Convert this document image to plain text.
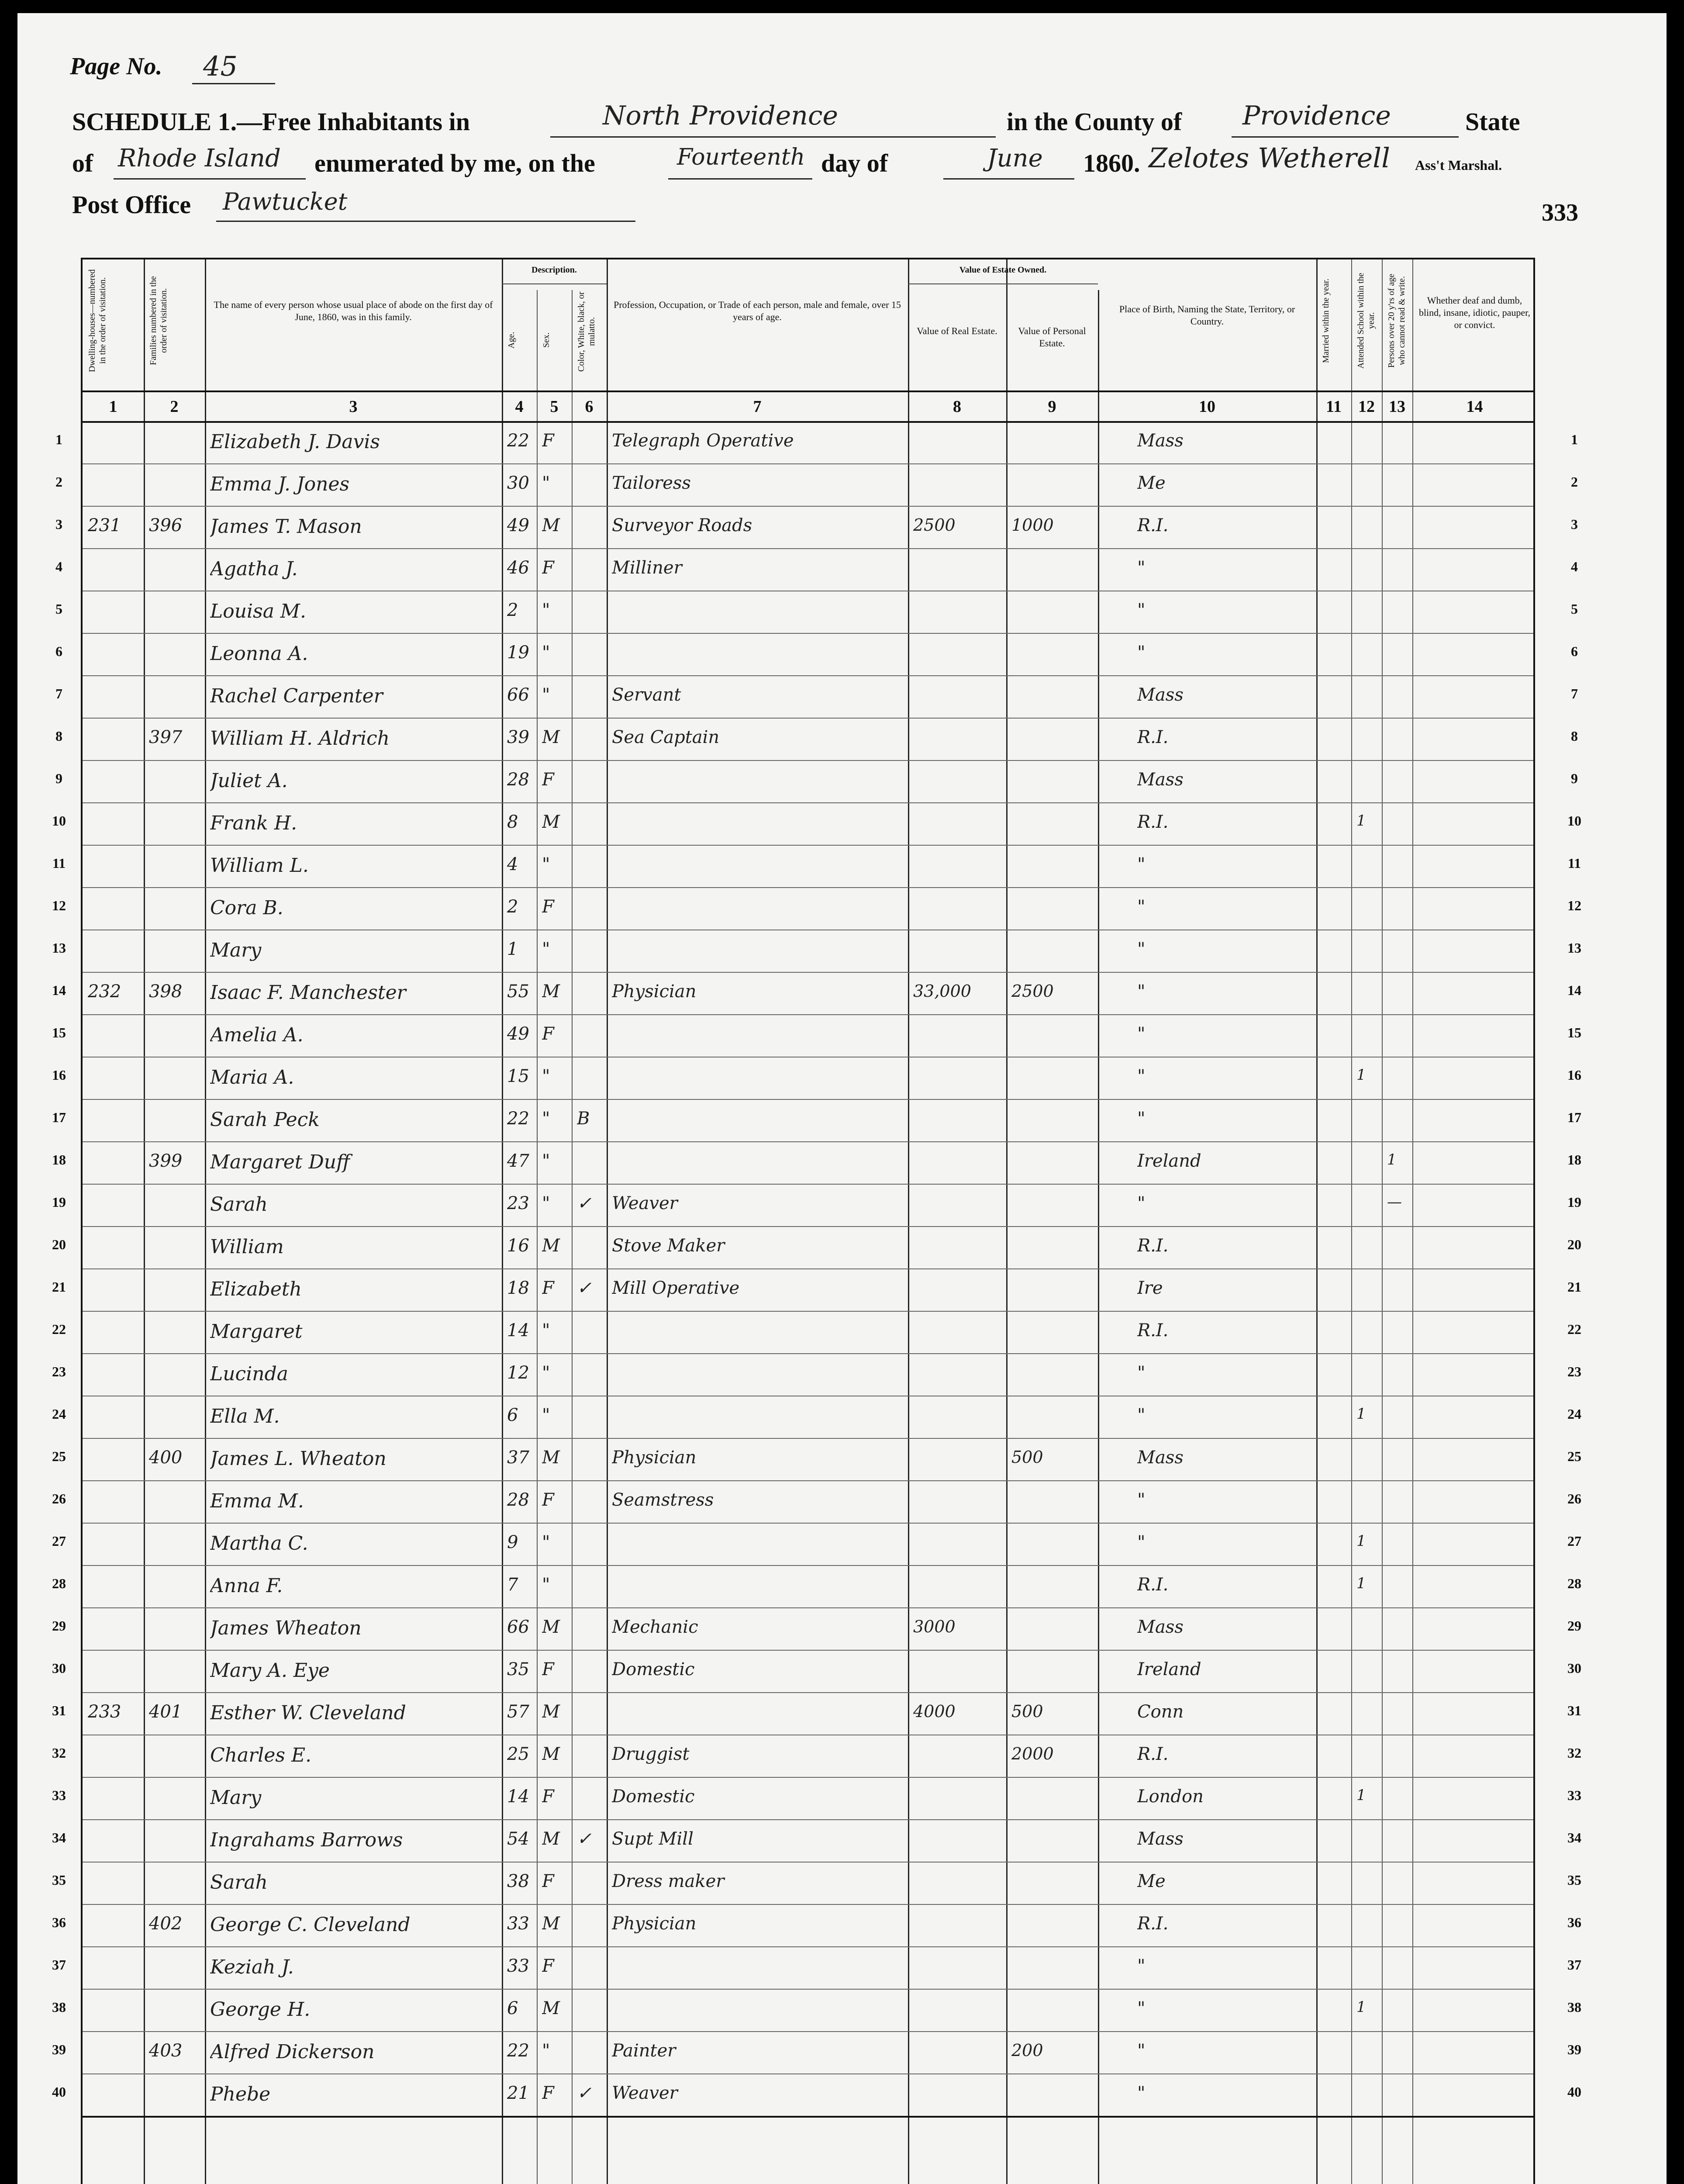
Page No. 45
SCHEDULE 1.—Free Inhabitants in	North Providence	in the County of Providence	State
of Rhode Island enumerated by me, on the	Fourteenth day of	June 1860. Zelotes Wetherell Ass't Marshal.
Post Office Pawtucket	333
Dwelling-houses—numbered in the order of visitation.	Families numbered in the order of visitation.	The name of every person whose usual place of abode on the first day of June, 1860, was in this family.
Description.
Age.	Sex.	Color, White, black, or mulatto.
Profession, Occupation, or Trade of each person, male and female, over 15 years of age.
Value of Estate Owned.
Value of Real Estate.	Value of Personal Estate.
Place of Birth, Naming the State, Territory, or Country.	Married within the year.	Attended School within the year. Persons over 20 y'rs of age who cannot read & write.	Whether deaf and dumb, blind, insane, idiotic, pauper, or convict.
1	2	3	4	5	6	7	8	9	10	11	12 13	14
Elizabeth J. Davis	22 F	Telegraph Operative	Mass
Emma J. Jones	30 "	Tailoress	Me
231	396	James T. Mason	49 M	Surveyor Roads	2500	1000	R.I.
Agatha J.	46 F	Milliner	"
Louisa M.	2	"	"
Leonna A.	19 "	"
Rachel Carpenter	66 "	Servant	Mass
397	William H. Aldrich	39 M	Sea Captain	R.I.
Juliet A.	28 F	Mass
Frank H.	8	M	R.I.	1
William L.	4	"	"
Cora B.	2	F	"
Mary	1	"	"
232	398	Isaac F. Manchester	55 M	Physician	33,000	2500	"
Amelia A.	49 F	"
Maria A.	15 "	"	1
Sarah Peck	22 "	B	"
399	Margaret Duff	47 "	Ireland	1
Sarah	23 "	✓	Weaver	"	—
William	16 M	Stove Maker	R.I.
Elizabeth	18 F	✓	Mill Operative	Ire
Margaret	14 "	R.I.
Lucinda	12 "	"
Ella M.	6	"	"	1
400	James L. Wheaton	37 M	Physician	500	Mass
Emma M.	28 F	Seamstress	"
Martha C.	9	"	"	1
Anna F.	7	"	R.I.	1
James Wheaton	66 M	Mechanic	3000	Mass
Mary A. Eye	35 F	Domestic	Ireland
233	401	Esther W. Cleveland	57 M	4000	500	Conn
Charles E.	25 M	Druggist	2000	R.I.
Mary	14 F	Domestic	London	1
Ingrahams Barrows	54 M ✓	Supt Mill	Mass
Sarah	38 F	Dress maker	Me
402	George C. Cleveland	33 M	Physician	R.I.
Keziah J.	33 F	"
George H.	6	M	"	1
403	Alfred Dickerson	22 "	Painter	200	"
Phebe	21 F	✓	Weaver	"
1	1
2	2
3	3
4	4
5	5
6	6
7	7
8	8
9	9
10	10
11	11
12	12
13	13
14	14
15	15
16	16
17	17
18	18
19	19
20	20
21	21
22	22
23	23
24	24
25	25
26	26
27	27
28	28
29	29
30	30
31	31
32	32
33	33
34	34
35	35
36	36
37	37
38	38
39	39
40	40
